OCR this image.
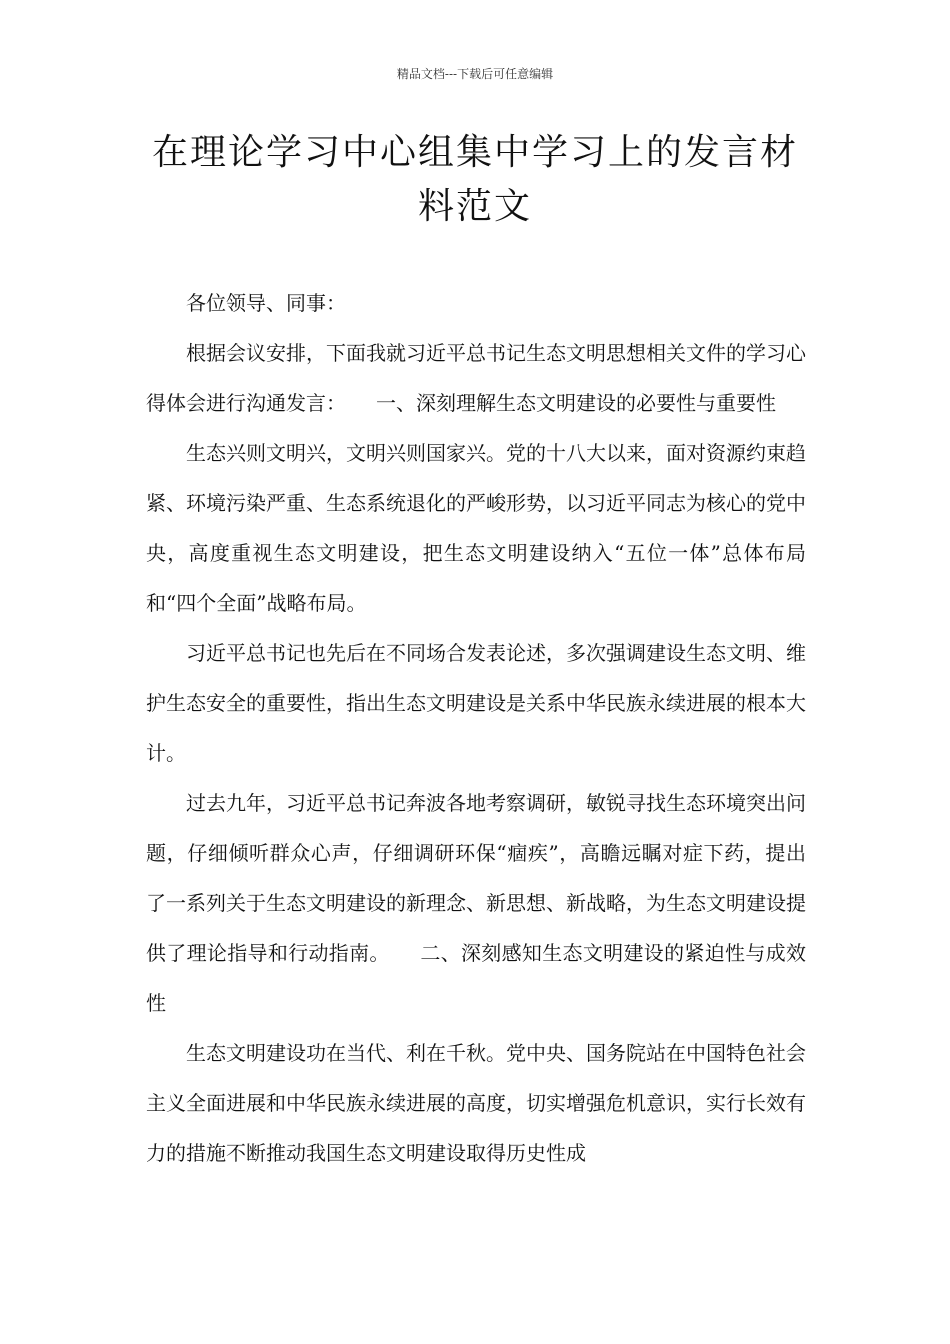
精品文档---下载后可任意编辑
在理论学习中心组集中学习上的发言材料范文

各位领导、同事：

根据会议安排，下面我就习近平总书记生态文明思想相关文件的学习心得体会进行沟通发言：　　一、深刻理解生态文明建设的必要性与重要性

生态兴则文明兴，文明兴则国家兴。党的十八大以来，面对资源约束趋紧、环境污染严重、生态系统退化的严峻形势，以习近平同志为核心的党中央，高度重视生态文明建设，把生态文明建设纳入“五位一体”总体布局和“四个全面”战略布局。

习近平总书记也先后在不同场合发表论述，多次强调建设生态文明、维护生态安全的重要性，指出生态文明建设是关系中华民族永续进展的根本大计。

过去九年，习近平总书记奔波各地考察调研，敏锐寻找生态环境突出问题，仔细倾听群众心声，仔细调研环保“痼疾”，高瞻远瞩对症下药，提出了一系列关于生态文明建设的新理念、新思想、新战略，为生态文明建设提供了理论指导和行动指南。　　二、深刻感知生态文明建设的紧迫性与成效性

生态文明建设功在当代、利在千秋。党中央、国务院站在中国特色社会主义全面进展和中华民族永续进展的高度，切实增强危机意识，实行长效有力的措施不断推动我国生态文明建设取得历史性成
